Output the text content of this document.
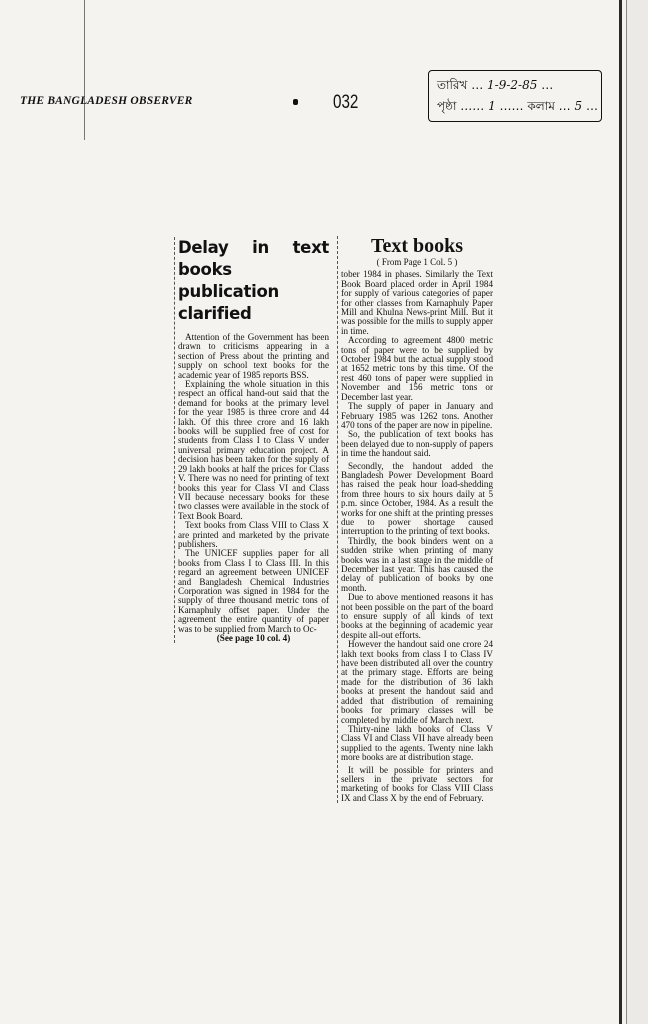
THE BANGLADESH OBSERVER	032
তারিখ … 1-9-2-85 …
পৃষ্ঠা …… 1 …… কলাম … 5 …
Delay in text books publication clarified

Attention of the Government has been drawn to criticisms appearing in a section of Press about the printing and supply on school text books for the academic year of 1985 reports BSS.

Explaining the whole situation in this respect an offical hand-out said that the demand for books at the primary level for the year 1985 is three crore and 44 lakh. Of this three crore and 16 lakh books will be supplied free of cost for students from Class I to Class V under universal primary education project. A decision has been taken for the supply of 29 lakh books at half the prices for Class V. There was no need for printing of text books this year for Class VI and Class VII because necessary books for these two classes were available in the stock of Text Book Board.

Text books from Class VIII to Class X are printed and marketed by the private publishers.

The UNICEF supplies paper for all books from Class I to Class III. In this regard an agreement between UNICEF and Bangladesh Chemical Industries Corporation was signed in 1984 for the supply of three thousand metric tons of Karnaphuly offset paper. Under the agreement the entire quantity of paper was to be supplied from March to Oc-

(See page 10 col. 4)
Text books
( From Page 1 Col. 5 )

tober 1984 in phases. Similarly the Text Book Board placed order in April 1984 for supply of various categories of paper for other classes from Karnaphuly Paper Mill and Khulna News-print Mill. But it was possible for the mills to supply apper in time.

According to agreement 4800 metric tons of paper were to be supplied by October 1984 but the actual supply stood at 1652 metric tons by this time. Of the rest 460 tons of paper were supplied in November and 156 metric tons or December last year.

The supply of paper in January and February 1985 was 1262 tons. Another 470 tons of the paper are now in pipeline.

So, the publication of text books has been delayed due to non-supply of papers in time the handout said.

Secondly, the handout added the Bangladesh Power Development Board has raised the peak hour load-shedding from three hours to six hours daily at 5 p.m. since October, 1984. As a result the works for one shift at the printing presses due to power shortage caused interruption to the printing of text books.

Thirdly, the book binders went on a sudden strike when printing of many books was in a last stage in the middle of December last year. This has caused the delay of publication of books by one month.

Due to above mentioned reasons it has not been possible on the part of the board to ensure supply of all kinds of text books at the beginning of academic year despite all-out efforts.

However the handout said one crore 24 lakh text books from class I to Class IV have been distributed all over the country at the primary stage. Efforts are being made for the distribution of 36 lakh books at present the handout said and added that distribution of remaining books for primary classes will be completed by middle of March next.

Thirty-nine lakh books of Class V Class VI and Class VII have already been supplied to the agents. Twenty nine lakh more books are at distribution stage.

It will be possible for printers and sellers in the private sectors for marketing of books for Class VIII Class IX and Class X by the end of February.
